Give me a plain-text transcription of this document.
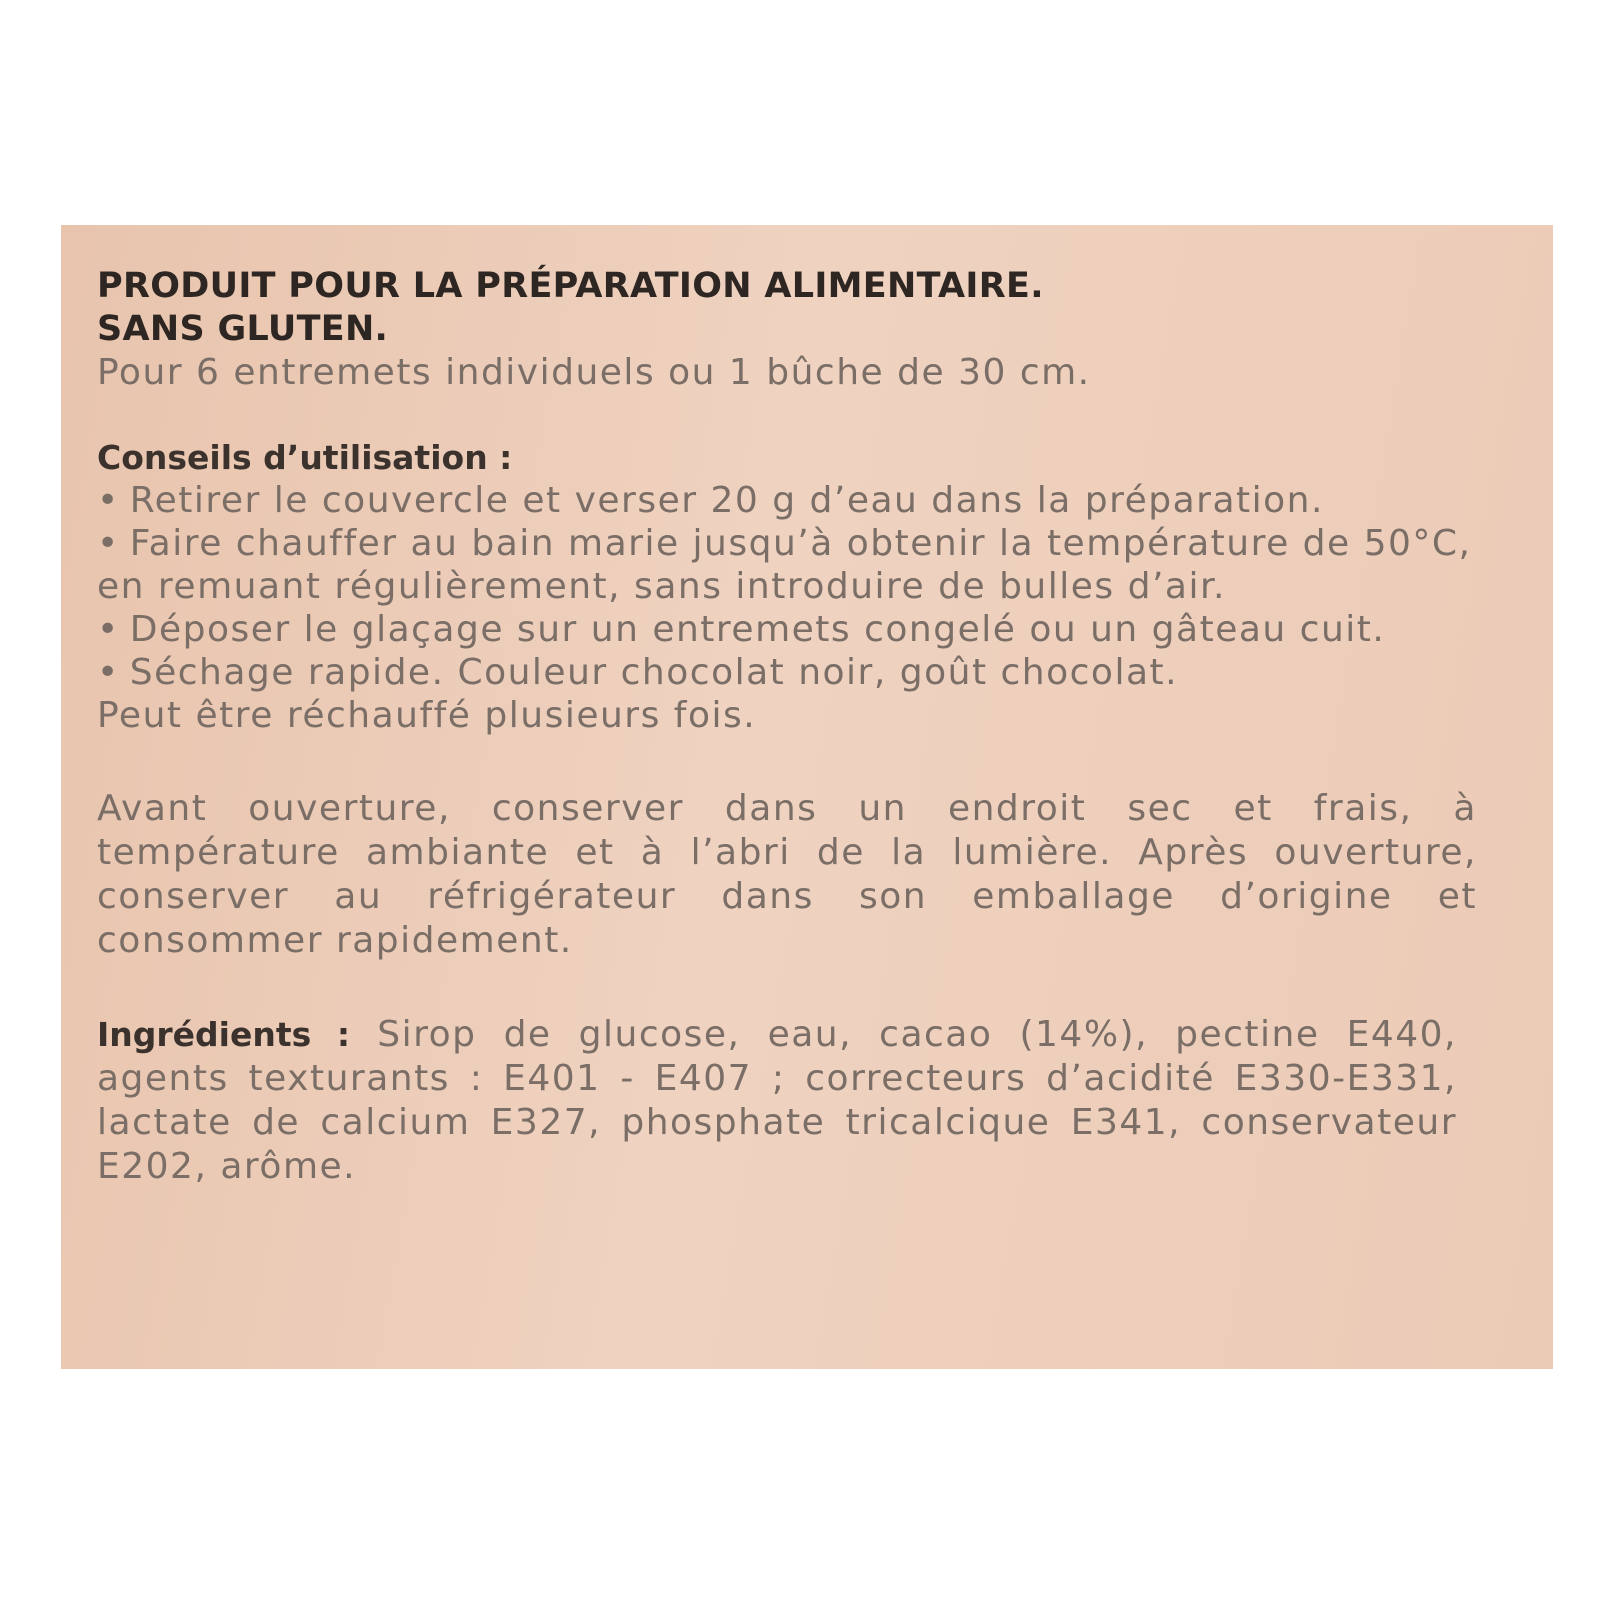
PRODUIT POUR LA PRÉPARATION ALIMENTAIRE.
SANS GLUTEN.
Pour 6 entremets individuels ou 1 bûche de 30 cm.
Conseils d’utilisation :
• Retirer le couvercle et verser 20 g d’eau dans la préparation.
• Faire chauffer au bain marie jusqu’à obtenir la température de 50°C, en remuant régulièrement, sans introduire de bulles d’air.
• Déposer le glaçage sur un entremets congelé ou un gâteau cuit.
• Séchage rapide. Couleur chocolat noir, goût chocolat.
Peut être réchauffé plusieurs fois.
Avant ouverture, conserver dans un endroit sec et frais, à température ambiante et à l’abri de la lumière. Après ouverture, conserver au réfrigérateur dans son emballage d’origine et consommer rapidement.
Ingrédients : Sirop de glucose, eau, cacao (14%), pectine E440, agents texturants : E401 - E407 ; correcteurs d’acidité E330-E331, lactate de calcium E327, phosphate tricalcique E341, conservateur E202, arôme.
